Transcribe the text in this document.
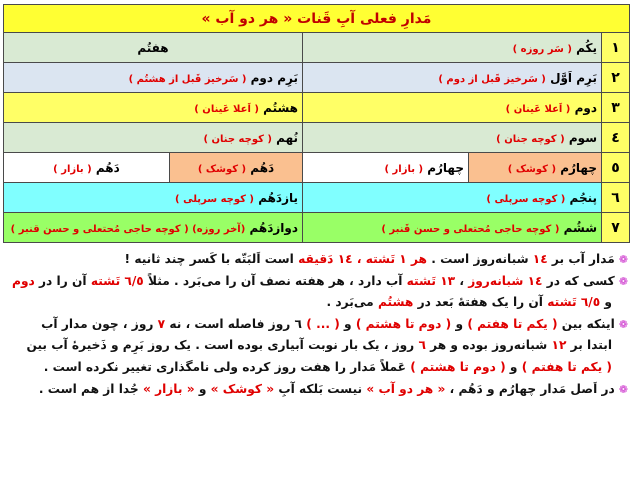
مَدارِ فعلی آبِ قَنات « هر دو آب »				
۱	یکُم ( سَر روزه )		هفتُم	
۲	بَرِم اَوَّل ( سَرخیز قَبل از دوم )		بَرِم دوم ( سَرخیز قَبل از هشتُم )	
۳	دوم ( اَعلا عَینان )		هشتُم ( اَعلا عَینان )	
٤	سوم ( کوچه جنان )		نُهم ( کوچه جنان )	
٥	چهارُم ( کوشک )	چهارُم ( بازار )	دَهُم ( کوشک )	دَهُم ( بازار )
٦	پنجُم ( کوچه سرپلی )		یازدَهُم ( کوچه سرپلی )	
۷	ششُم ( کوچه حاجی مُحتعلی و حسن قَنبر )		دوازدَهُم (آخر روزه) ( کوچه حاجی مُحتعلی و حسن قنبر )	

❁مَدار آب بر ١٤ شبانه‌روز است . هر ١ تَشته ، ١٤ دَقیقه است اَلبَتّه با کَسر چند ثانیه !

❁کسی که در ١٤ شبانه‌روز ، ١٣ تَشته آب دارد ، هر هفته نصف آن را می‌بَرد . مثلاً ٦/٥ تَشته آن را در دوم

و ٦/٥ تَشته آن را یک هفتهٔ بَعد در هشتُم می‌بَرد .

❁اینکه بین ( یکم تا هفتم ) و ( دوم تا هشتم ) و ( ... ) ٦ روز فاصله است ، نه ۷ روز ، چون مدار آب

ابتدا بر ١٢ شبانه‌روز بوده و هر ٦ روز ، یک بار نوبت آبیاری بوده است . یک روز بَرِم و ذَخیرهٔ آب بین

( یکم تا هفتم ) و ( دوم تا هشتم ) عَملاً مَدار را هفت روز کرده ولی نامگذاری تغییر نکرده است .

❁در اَصل مَدار چهارُم و دَهُم ، « هر دو آب » نیست بَلکه آبِ « کوشک » و « بازار » جُدا از هم است .
